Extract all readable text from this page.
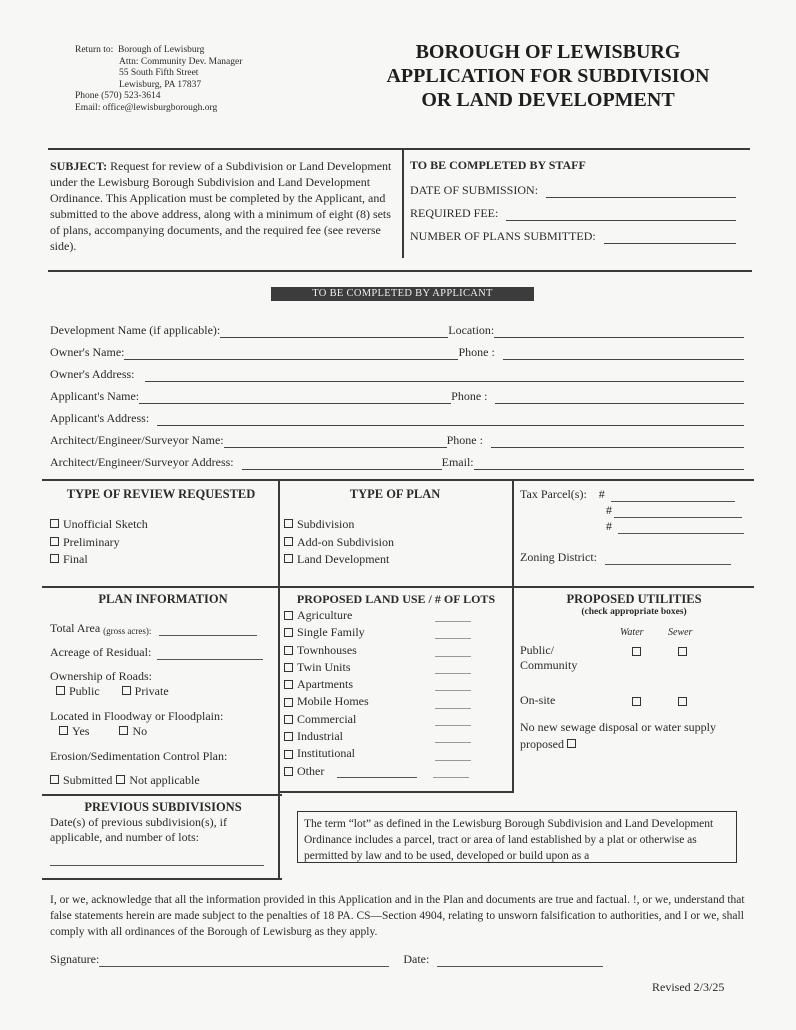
Return to: Borough of Lewisburg
Attn: Community Dev. Manager
55 South Fifth Street
Lewisburg, PA 17837
Phone (570) 523-3614
Email: office@lewisburgborough.org
BOROUGH OF LEWISBURG
APPLICATION FOR SUBDIVISION
OR LAND DEVELOPMENT
SUBJECT: Request for review of a Subdivision or Land Development under the Lewisburg Borough Subdivision and Land Development Ordinance. This Application must be completed by the Applicant, and submitted to the above address, along with a minimum of eight (8) sets of plans, accompanying documents, and the required fee (see reverse side).
TO BE COMPLETED BY STAFF
DATE OF SUBMISSION:
REQUIRED FEE:
NUMBER OF PLANS SUBMITTED:
TO BE COMPLETED BY APPLICANT
Development Name (if applicable):	Location:
Owner's Name:	Phone :
Owner's Address:
Applicant's Name:	Phone :
Applicant's Address:
Architect/Engineer/Surveyor Name:	Phone :
Architect/Engineer/Surveyor Address:	Email:
TYPE OF REVIEW REQUESTED
Unofficial Sketch
Preliminary
Final
TYPE OF PLAN
Subdivision
Add-on Subdivision
Land Development
Tax Parcel(s): #
#
#
Zoning District:
PLAN INFORMATION
Total Area
(gross acres):
Acreage of Residual:
Ownership of Roads:
Public	Private
Located in Floodway or Floodplain:
Yes	No
Erosion/Sedimentation Control Plan:
Submitted Not applicable
PROPOSED LAND USE / # OF LOTS
Agriculture
Single Family
Townhouses
Twin Units
Apartments
Mobile Homes
Commercial
Industrial
Institutional
Other
PROPOSED UTILITIES
(check appropriate boxes)
Water Sewer
Public/
Community
On-site
No new sewage disposal or water supply proposed
PREVIOUS SUBDIVISIONS
Date(s) of previous subdivision(s), if applicable, and number of lots:
The term “lot” as defined in the Lewisburg Borough Subdivision and Land Development Ordinance includes a parcel, tract or area of land established by a plat or otherwise as permitted by law and to be used, developed or build upon as a
I, or we, acknowledge that all the information provided in this Application and in the Plan and documents are true and factual. !, or we, understand that false statements herein are made subject to the penalties of 18 PA. CS—Section 4904, relating to unsworn falsification to authorities, and I or we, shall comply with all ordinances of the Borough of Lewisburg as they apply.
Signature:	Date:
Revised 2/3/25
